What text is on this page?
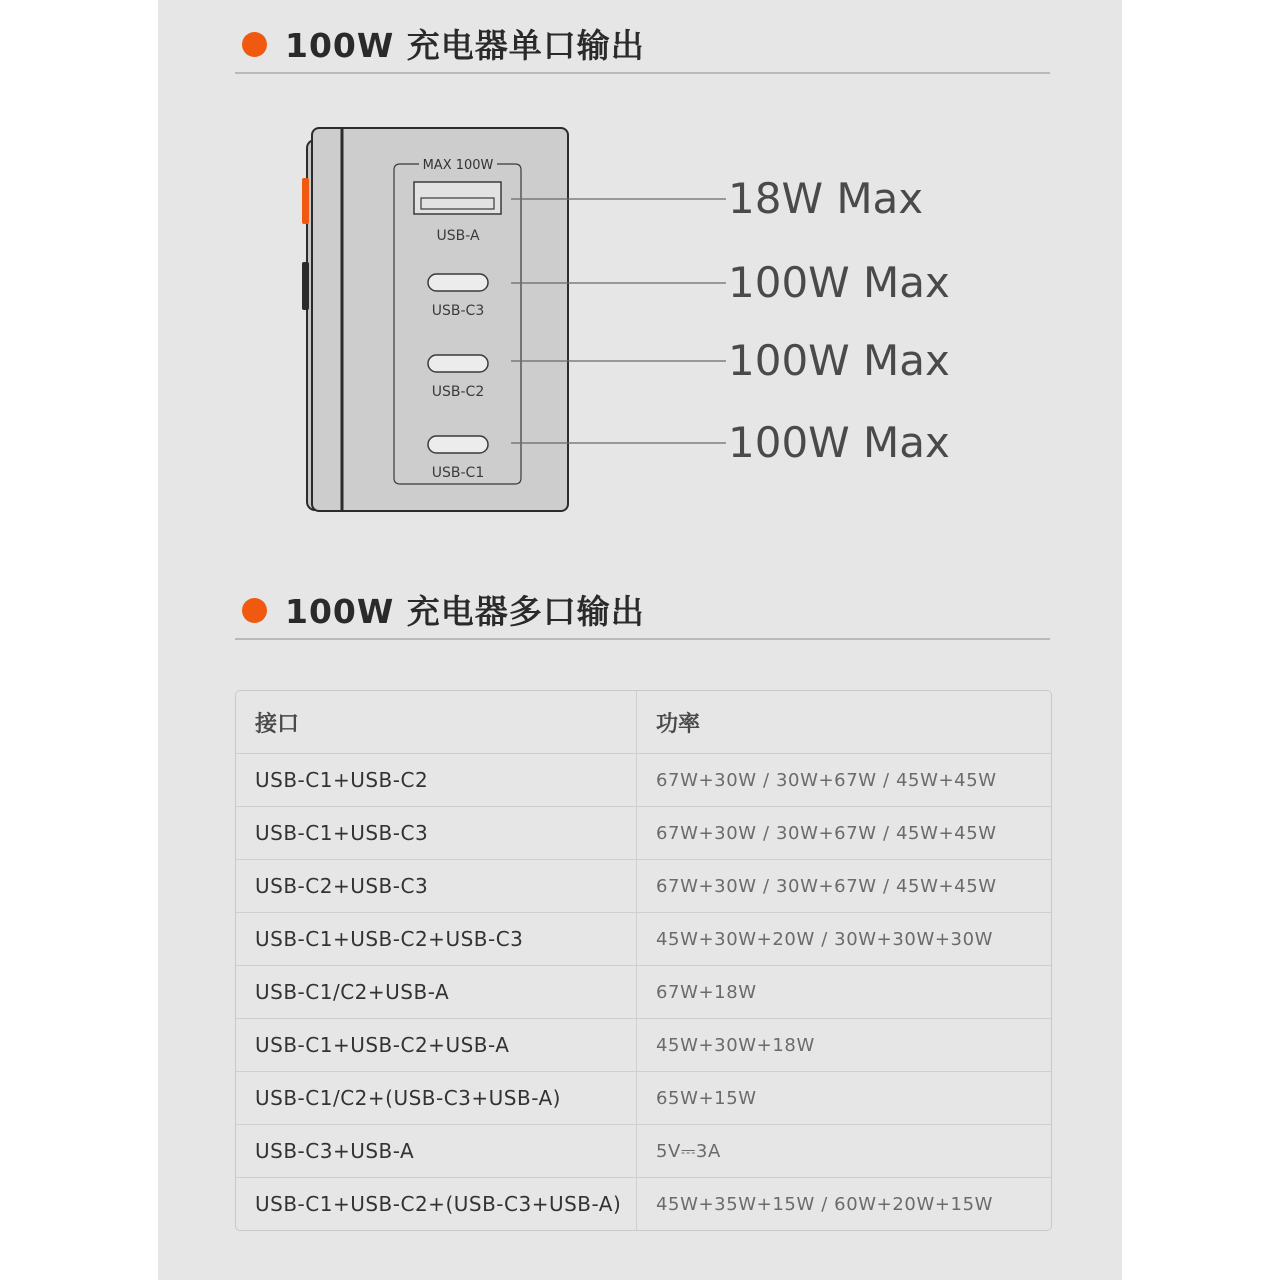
100W 充电器单口输出
MAX 100W
USB-A
USB-C3
USB-C2
USB-C1
18W Max
100W Max
100W Max
100W Max
100W 充电器多口输出
接口	功率
USB-C1+USB-C2	67W+30W / 30W+67W / 45W+45W
USB-C1+USB-C3	67W+30W / 30W+67W / 45W+45W
USB-C2+USB-C3	67W+30W / 30W+67W / 45W+45W
USB-C1+USB-C2+USB-C3	45W+30W+20W / 30W+30W+30W
USB-C1/C2+USB-A	67W+18W
USB-C1+USB-C2+USB-A	45W+30W+18W
USB-C1/C2+(USB-C3+USB-A)	65W+15W
USB-C3+USB-A	5V⎓3A
USB-C1+USB-C2+(USB-C3+USB-A)	45W+35W+15W / 60W+20W+15W
